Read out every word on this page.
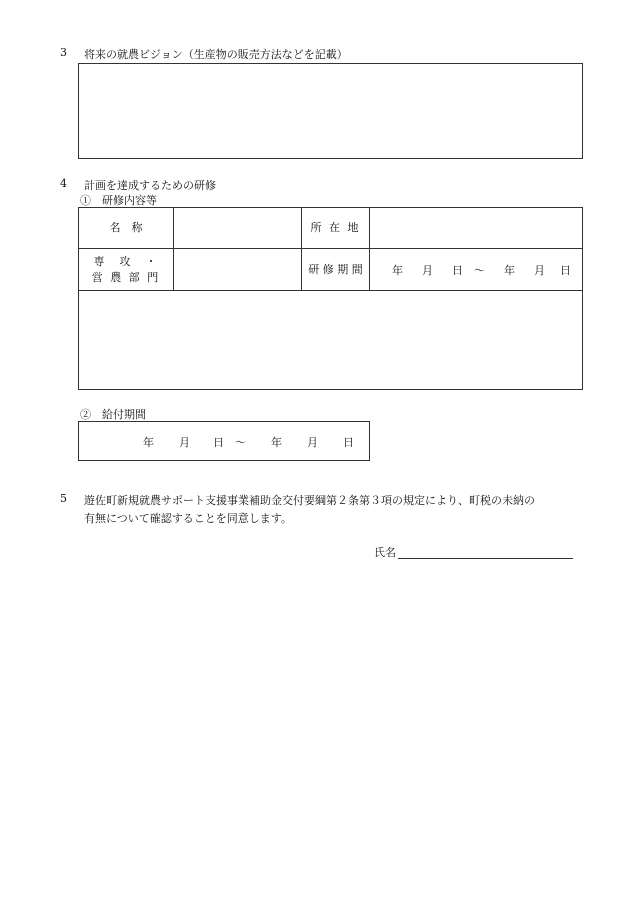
3 将来の就農ビジョン（生産物の販売方法などを記載）
4 計画を達成するための研修
①　研修内容等
名　称	所 在 地
専　攻　・
営 農 部 門
研 修 期 間	年 月 日 ～ 年 月 日
②　給付期間
年 月 日 ～ 年 月 日
5 遊佐町新規就農サポート支援事業補助金交付要綱第２条第３項の規定により、町税の未納の
有無について確認することを同意します。
氏名
